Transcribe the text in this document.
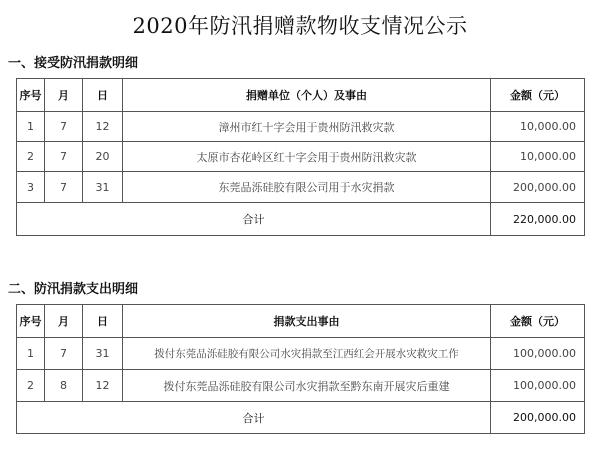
2020年防汛捐赠款物收支情况公示
一、接受防汛捐款明细
序号	月	日	捐赠单位（个人）及事由	金额（元）
1	7	12	漳州市红十字会用于贵州防汛救灾款	10,000.00
2	7	20	太原市杏花岭区红十字会用于贵州防汛救灾款	10,000.00
3	7	31	东莞品泺硅胶有限公司用于水灾捐款	200,000.00
合计				220,000.00
二、防汛捐款支出明细
序号	月	日	捐款支出事由	金额（元）
1	7	31	拨付东莞品泺硅胶有限公司水灾捐款至江西红会开展水灾救灾工作	100,000.00
2	8	12	拨付东莞品泺硅胶有限公司水灾捐款至黔东南开展灾后重建	100,000.00
合计				200,000.00
